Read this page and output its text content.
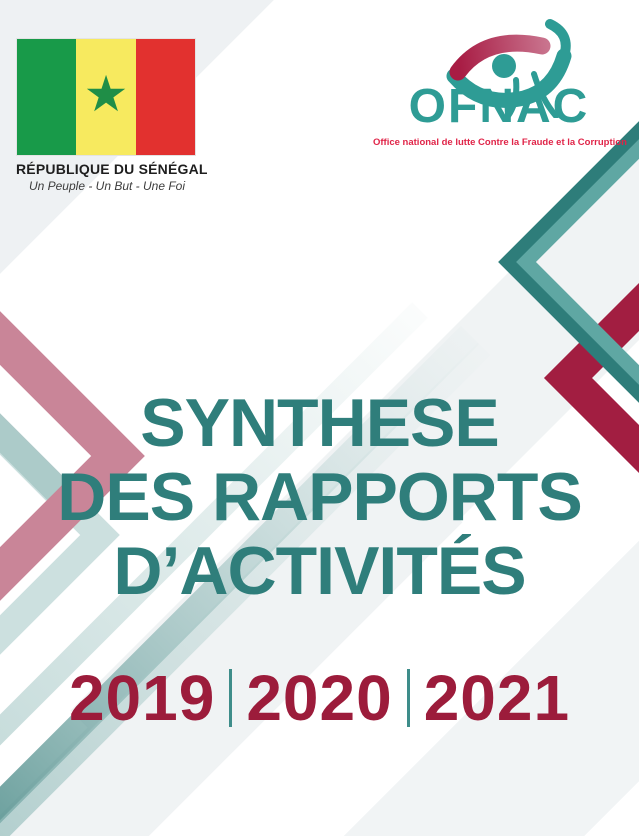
★
RÉPUBLIQUE DU SÉNÉGAL
Un Peuple - Un But - Une Foi
OFNAC
Office national de lutte Contre la Fraude et la Corruption
SYNTHESE
DES RAPPORTS
D’ACTIVITÉS
2019 2020 2021
